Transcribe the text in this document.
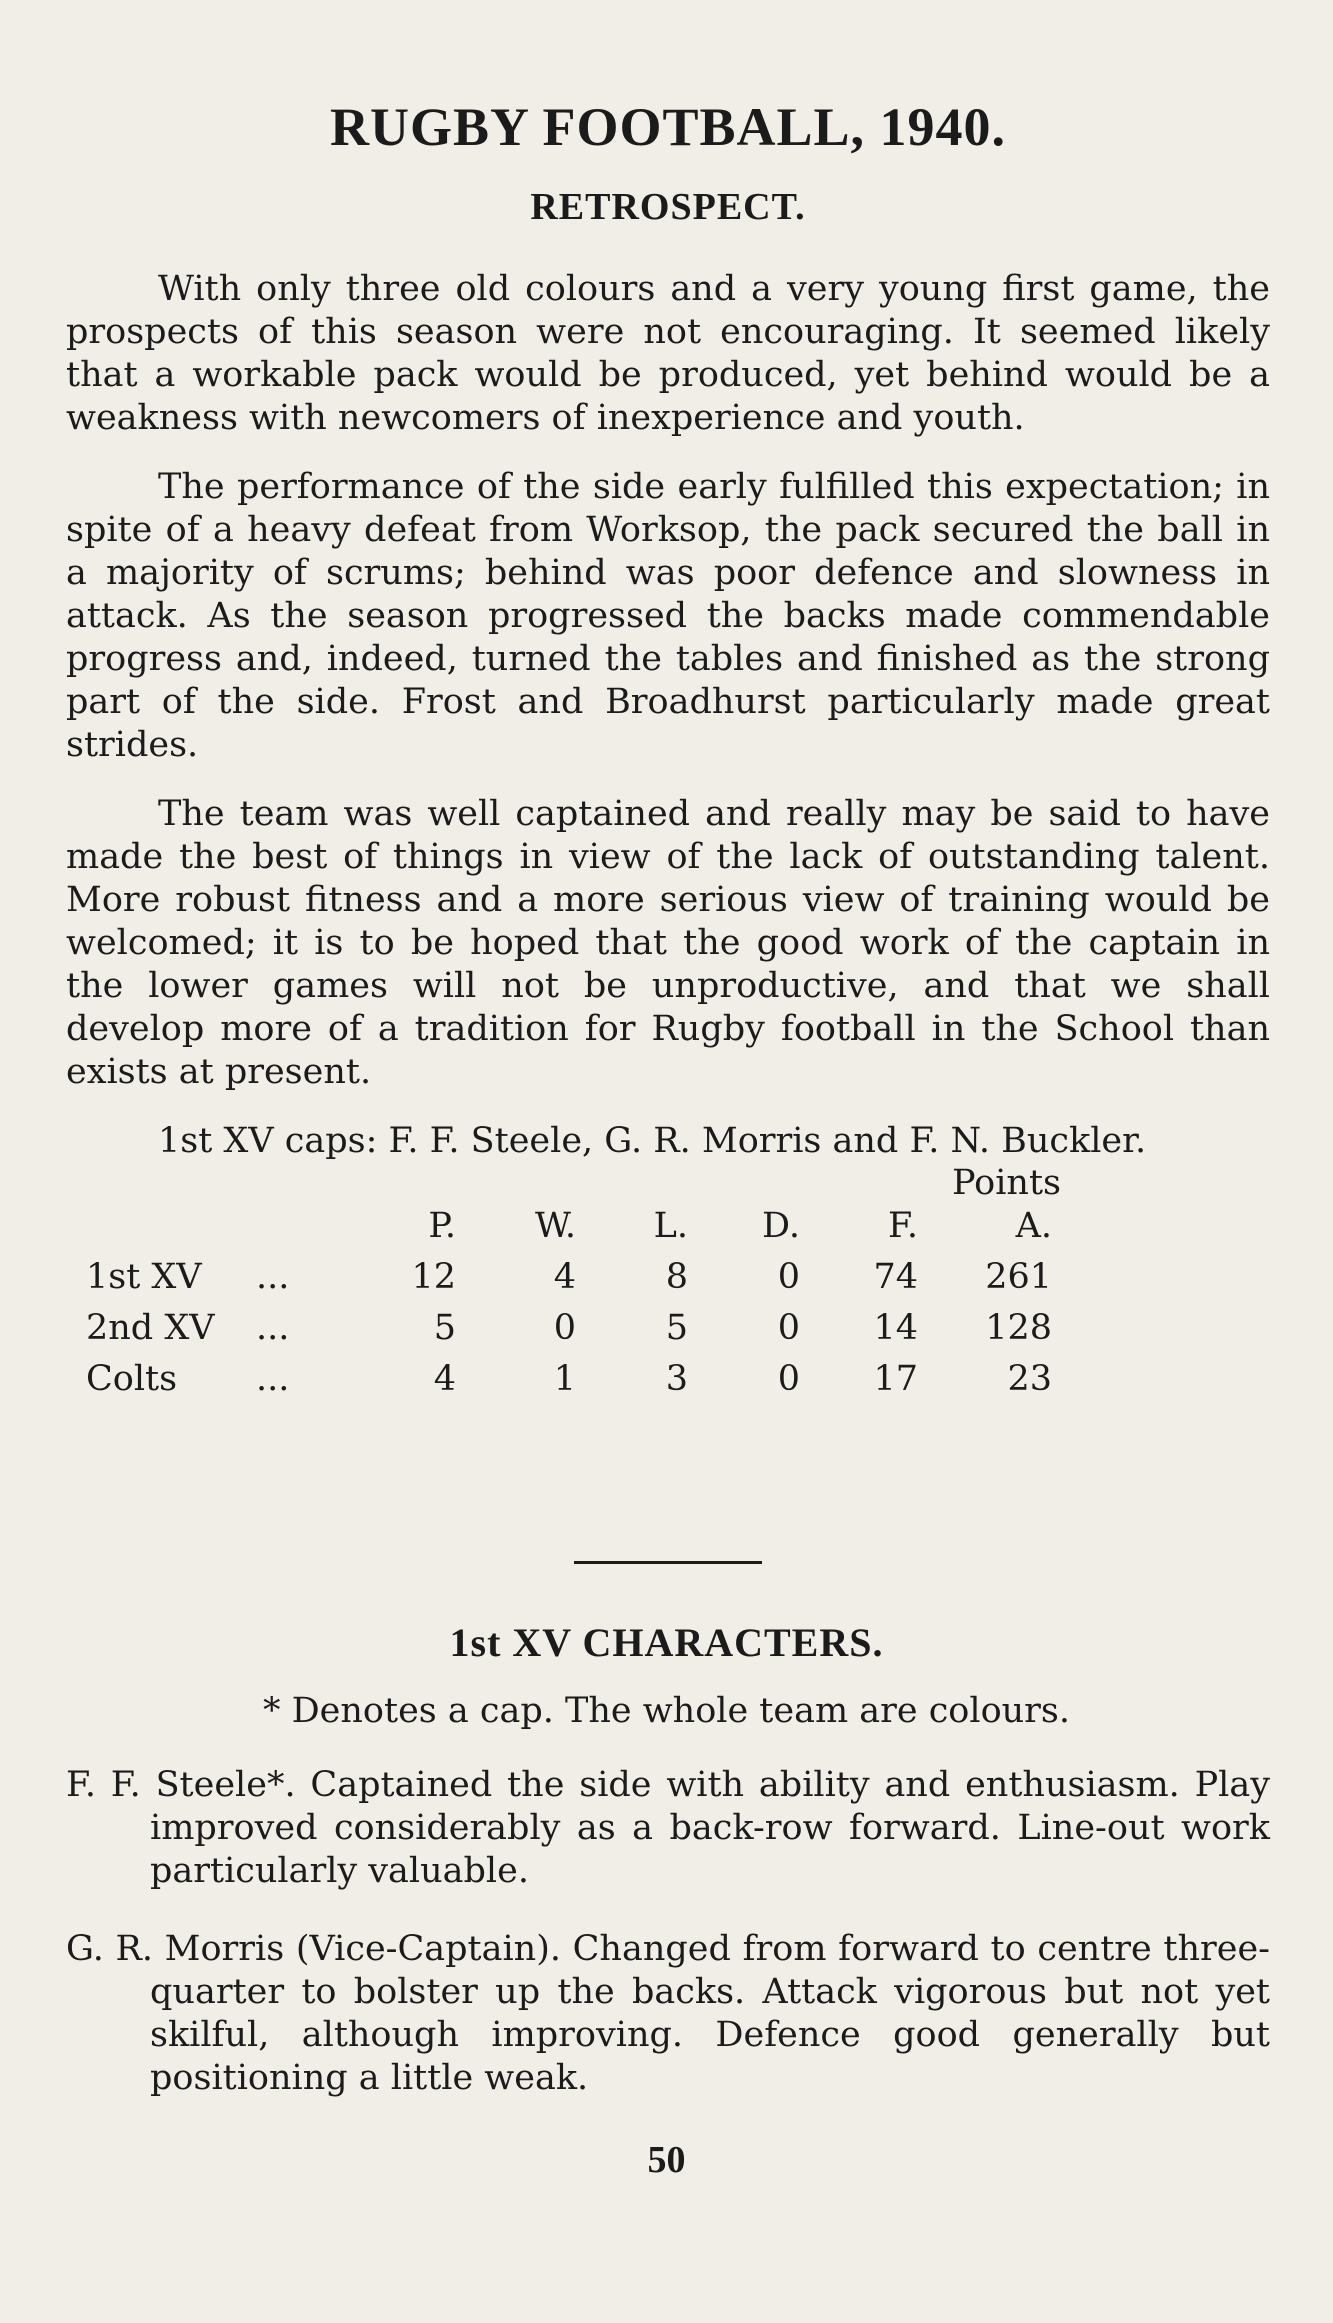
RUGBY FOOTBALL, 1940.
RETROSPECT.

With only three old colours and a very young first game, the prospects of this season were not encouraging. It seemed likely that a workable pack would be produced, yet behind would be a weakness with newcomers of inexperience and youth.

The performance of the side early fulfilled this expectation; in spite of a heavy defeat from Worksop, the pack secured the ball in a majority of scrums; behind was poor defence and slowness in attack. As the season progressed the backs made commendable progress and, indeed, turned the tables and finished as the strong part of the side. Frost and Broadhurst particularly made great strides.

The team was well captained and really may be said to have made the best of things in view of the lack of outstanding talent. More robust fitness and a more serious view of training would be welcomed; it is to be hoped that the good work of the captain in the lower games will not be unproductive, and that we shall develop more of a tradition for Rugby football in the School than exists at present.

1st XV caps: F. F. Steele, G. R. Morris and F. N. Buckler.

Points
		P.	W.	L.	D.	F.	A.
1st XV	...	12	4	8	0	74	261
2nd XV	...	5	0	5	0	14	128
Colts	...	4	1	3	0	17	23
1st XV CHARACTERS.

* Denotes a cap. The whole team are colours.

F. F. Steele*. Captained the side with ability and enthusiasm. Play improved considerably as a back-row forward. Line-out work particularly valuable.
G. R. Morris (Vice-Captain). Changed from forward to centre three-quarter to bolster up the backs. Attack vigorous but not yet skilful, although improving. Defence good generally but positioning a little weak.
50
